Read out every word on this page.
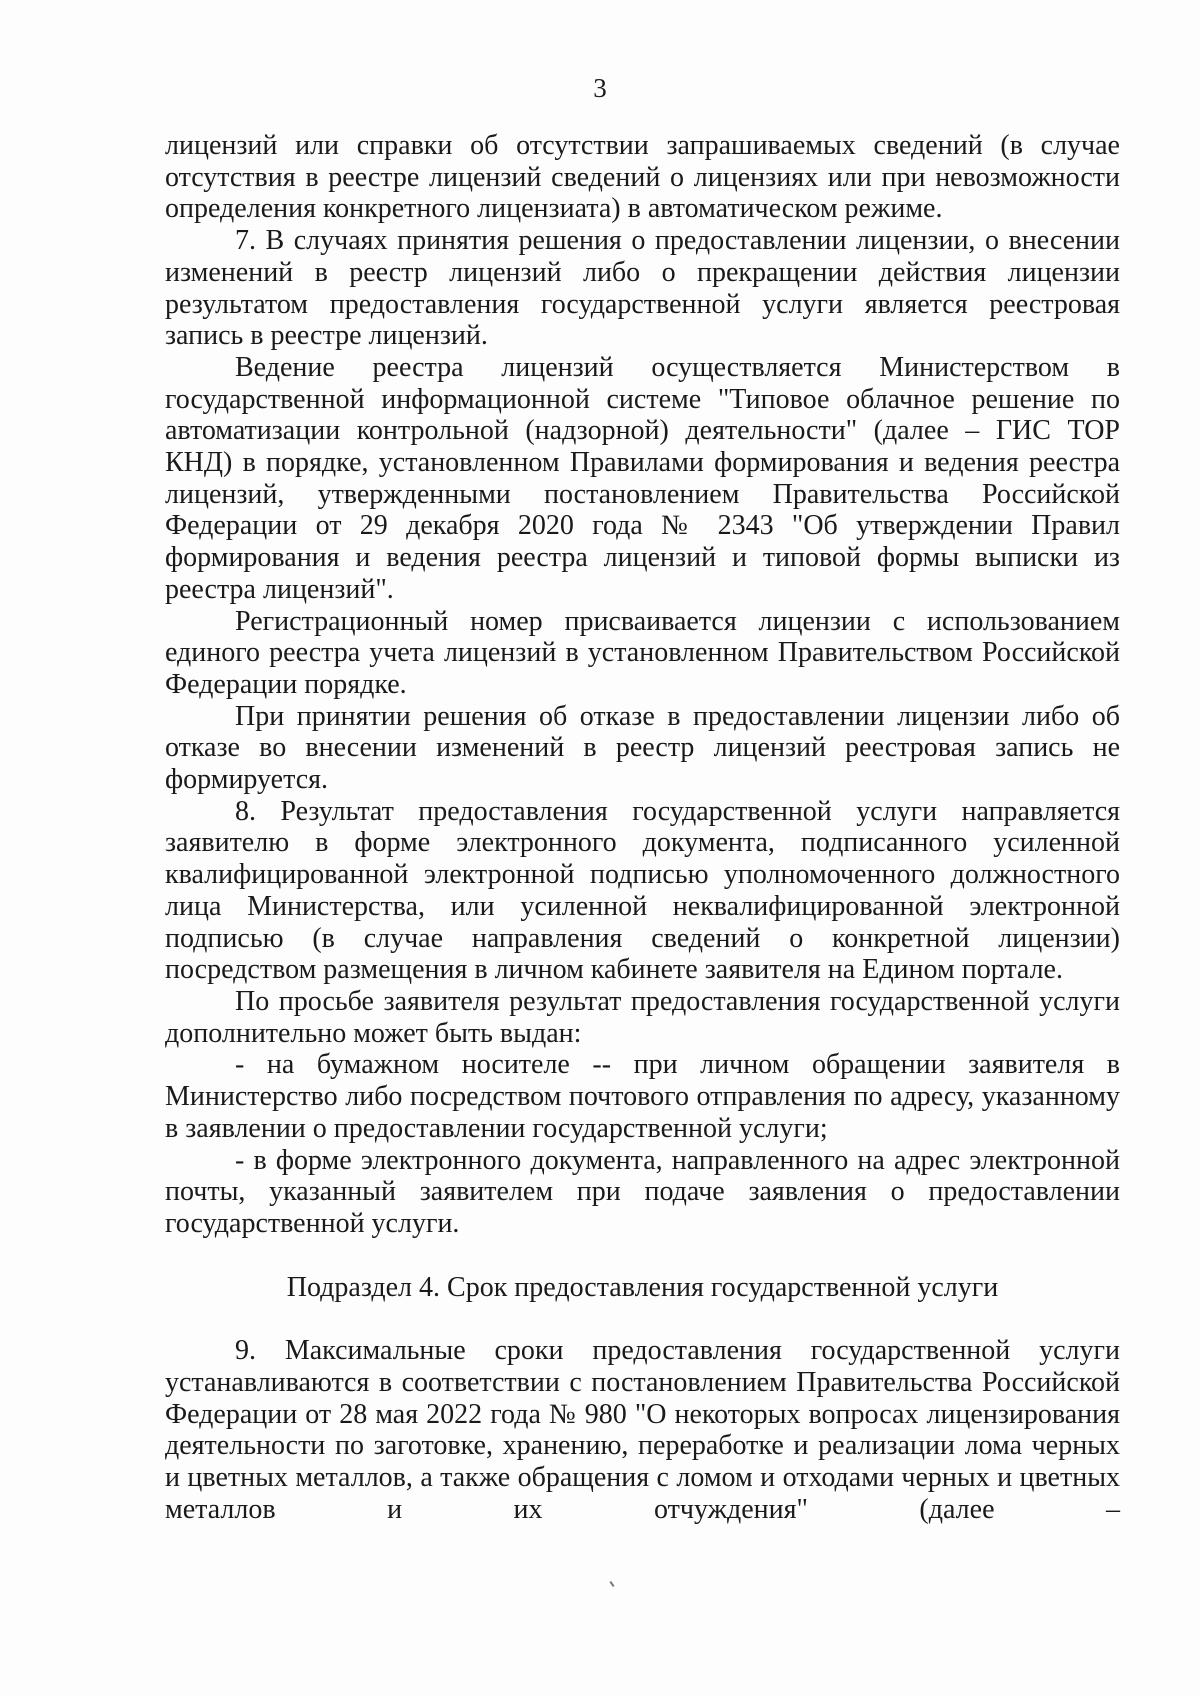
3

лицензий или справки об отсутствии запрашиваемых сведений (в случае отсутствия в реестре лицензий сведений о лицензиях или при невозможности определения конкретного лицензиата) в автоматическом режиме.

7. В случаях принятия решения о предоставлении лицензии, о внесении изменений в реестр лицензий либо о прекращении действия лицензии результатом предоставления государственной услуги является реестровая запись в реестре лицензий.

Ведение реестра лицензий осуществляется Министерством в государственной информационной системе "Типовое облачное решение по автоматизации контрольной (надзорной) деятельности" (далее – ГИС ТОР КНД) в порядке, установленном Правилами формирования и ведения реестра лицензий, утвержденными постановлением Правительства Российской Федерации от 29 декабря 2020 года № 2343 "Об утверждении Правил формирования и ведения реестра лицензий и типовой формы выписки из реестра лицензий".

Регистрационный номер присваивается лицензии с использованием единого реестра учета лицензий в установленном Правительством Российской Федерации порядке.

При принятии решения об отказе в предоставлении лицензии либо об отказе во внесении изменений в реестр лицензий реестровая запись не формируется.

8. Результат предоставления государственной услуги направляется заявителю в форме электронного документа, подписанного усиленной квалифицированной электронной подписью уполномоченного должностного лица Министерства, или усиленной неквалифицированной электронной подписью (в случае направления сведений о конкретной лицензии) посредством размещения в личном кабинете заявителя на Едином портале.

По просьбе заявителя результат предоставления государственной услуги дополнительно может быть выдан:

- на бумажном носителе -- при личном обращении заявителя в Министерство либо посредством почтового отправления по адресу, указанному в заявлении о предоставлении государственной услуги;

- в форме электронного документа, направленного на адрес электронной почты, указанный заявителем при подаче заявления о предоставлении государственной услуги.

Подраздел 4. Срок предоставления государственной услуги

9. Максимальные сроки предоставления государственной услуги устанавливаются в соответствии с постановлением Правительства Российской Федерации от 28 мая 2022 года № 980 "О некоторых вопросах лицензирования деятельности по заготовке, хранению, переработке и реализации лома черных и цветных металлов, а также обращения с ломом и отходами черных и цветных металлов и их отчуждения" (далее –
